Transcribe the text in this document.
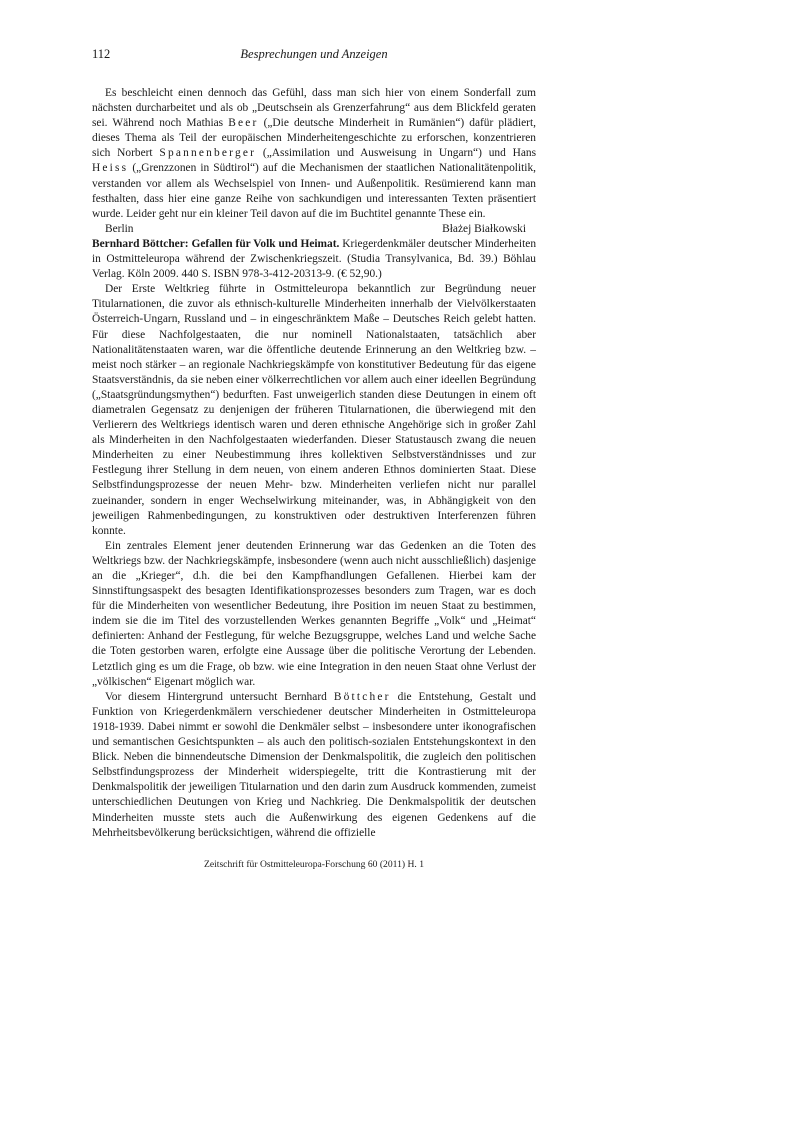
112	Besprechungen und Anzeigen

Es beschleicht einen dennoch das Gefühl, dass man sich hier von einem Sonderfall zum nächsten durcharbeitet und als ob „Deutschsein als Grenzerfahrung“ aus dem Blickfeld geraten sei. Während noch Mathias Beer („Die deutsche Minderheit in Rumänien“) dafür plädiert, dieses Thema als Teil der europäischen Minderheitengeschichte zu erforschen, konzentrieren sich Norbert Spannenberger („Assimilation und Ausweisung in Ungarn“) und Hans Heiss („Grenzzonen in Südtirol“) auf die Mechanismen der staatlichen Nationalitätenpolitik, verstanden vor allem als Wechselspiel von Innen- und Außenpolitik. Resümierend kann man festhalten, dass hier eine ganze Reihe von sachkundigen und interessanten Texten präsentiert wurde. Leider geht nur ein kleiner Teil davon auf die im Buchtitel genannte These ein.

Berlin	Błażej Białkowski

Bernhard Böttcher: Gefallen für Volk und Heimat. Kriegerdenkmäler deutscher Minderheiten in Ostmitteleuropa während der Zwischenkriegszeit. (Studia Transylvanica, Bd. 39.) Böhlau Verlag. Köln 2009. 440 S. ISBN 978-3-412-20313-9. (€ 52,90.)

Der Erste Weltkrieg führte in Ostmitteleuropa bekanntlich zur Begründung neuer Titularnationen, die zuvor als ethnisch-kulturelle Minderheiten innerhalb der Vielvölkerstaaten Österreich-Ungarn, Russland und – in eingeschränktem Maße – Deutsches Reich gelebt hatten. Für diese Nachfolgestaaten, die nur nominell Nationalstaaten, tatsächlich aber Nationalitätenstaaten waren, war die öffentliche deutende Erinnerung an den Weltkrieg bzw. – meist noch stärker – an regionale Nachkriegskämpfe von konstitutiver Bedeutung für das eigene Staatsverständnis, da sie neben einer völkerrechtlichen vor allem auch einer ideellen Begründung („Staatsgründungsmythen“) bedurften. Fast unweigerlich standen diese Deutungen in einem oft diametralen Gegensatz zu denjenigen der früheren Titularnationen, die überwiegend mit den Verlierern des Weltkriegs identisch waren und deren ethnische Angehörige sich in großer Zahl als Minderheiten in den Nachfolgestaaten wiederfanden. Dieser Statustausch zwang die neuen Minderheiten zu einer Neubestimmung ihres kollektiven Selbstverständnisses und zur Festlegung ihrer Stellung in dem neuen, von einem anderen Ethnos dominierten Staat. Diese Selbstfindungsprozesse der neuen Mehr- bzw. Minderheiten verliefen nicht nur parallel zueinander, sondern in enger Wechselwirkung miteinander, was, in Abhängigkeit von den jeweiligen Rahmenbedingungen, zu konstruktiven oder destruktiven Interferenzen führen konnte.

Ein zentrales Element jener deutenden Erinnerung war das Gedenken an die Toten des Weltkriegs bzw. der Nachkriegskämpfe, insbesondere (wenn auch nicht ausschließlich) dasjenige an die „Krieger“, d.h. die bei den Kampfhandlungen Gefallenen. Hierbei kam der Sinnstiftungsaspekt des besagten Identifikationsprozesses besonders zum Tragen, war es doch für die Minderheiten von wesentlicher Bedeutung, ihre Position im neuen Staat zu bestimmen, indem sie die im Titel des vorzustellenden Werkes genannten Begriffe „Volk“ und „Heimat“ definierten: Anhand der Festlegung, für welche Bezugsgruppe, welches Land und welche Sache die Toten gestorben waren, erfolgte eine Aussage über die politische Verortung der Lebenden. Letztlich ging es um die Frage, ob bzw. wie eine Integration in den neuen Staat ohne Verlust der „völkischen“ Eigenart möglich war.

Vor diesem Hintergrund untersucht Bernhard Böttcher die Entstehung, Gestalt und Funktion von Kriegerdenkmälern verschiedener deutscher Minderheiten in Ostmitteleuropa 1918-1939. Dabei nimmt er sowohl die Denkmäler selbst – insbesondere unter ikonografischen und semantischen Gesichtspunkten – als auch den politisch-sozialen Entstehungskontext in den Blick. Neben die binnendeutsche Dimension der Denkmalspolitik, die zugleich den politischen Selbstfindungsprozess der Minderheit widerspiegelte, tritt die Kontrastierung mit der Denkmalspolitik der jeweiligen Titularnation und den darin zum Ausdruck kommenden, zumeist unterschiedlichen Deutungen von Krieg und Nachkrieg. Die Denkmalspolitik der deutschen Minderheiten musste stets auch die Außenwirkung des eigenen Gedenkens auf die Mehrheitsbevölkerung berücksichtigen, während die offizielle

Zeitschrift für Ostmitteleuropa-Forschung 60 (2011) H. 1
